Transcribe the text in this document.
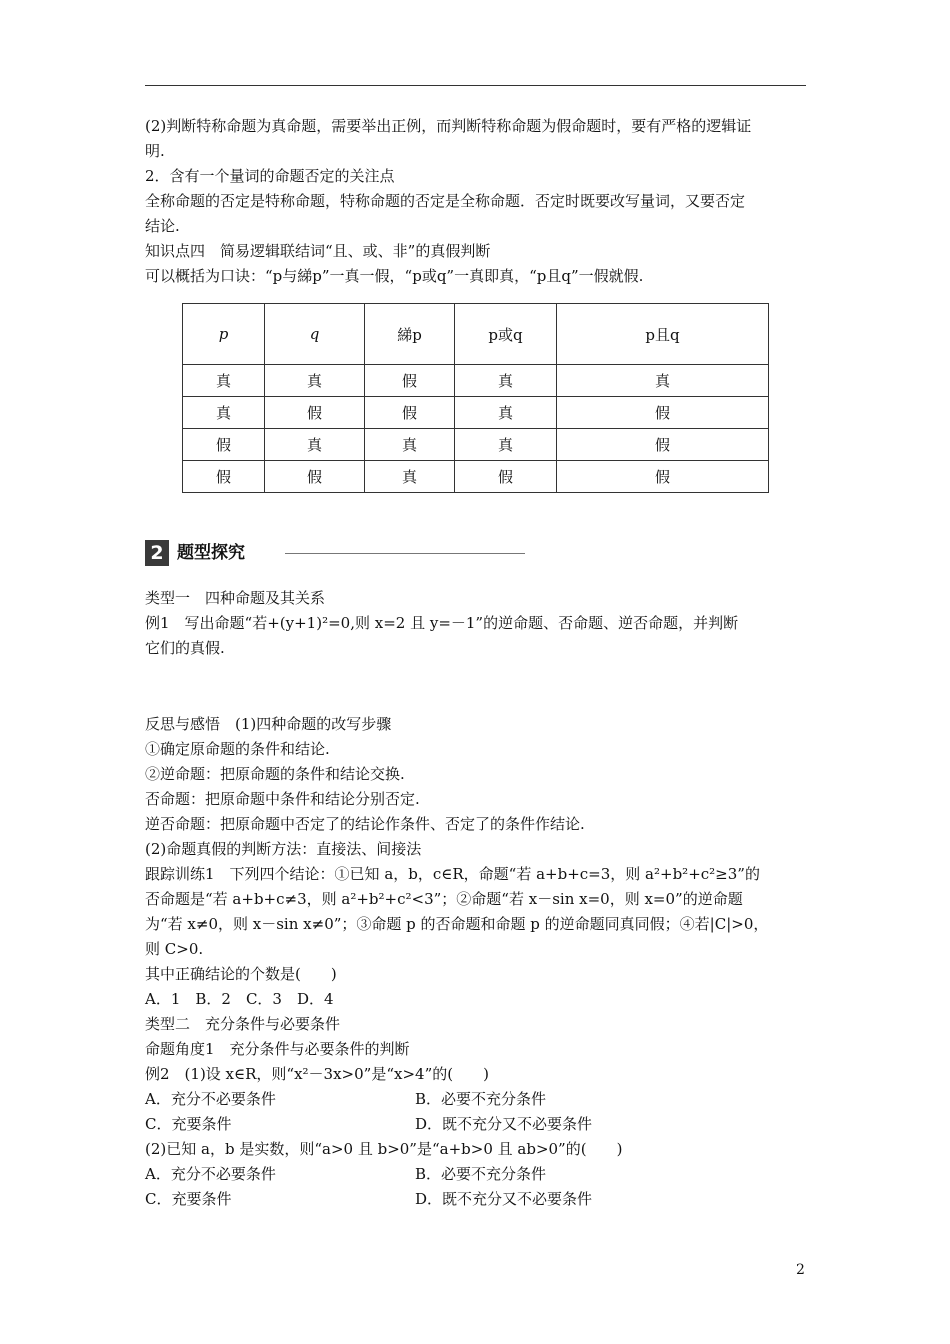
(2)判断特称命题为真命题，需要举出正例，而判断特称命题为假命题时，要有严格的逻辑证

明.

2．含有一个量词的命题否定的关注点

全称命题的否定是特称命题，特称命题的否定是全称命题．否定时既要改写量词，又要否定

结论.

知识点四　简易逻辑联结词“且、或、非”的真假判断

可以概括为口诀：“p与綈p”一真一假，“p或q”一真即真，“p且q”一假就假.

p	q	綈p	p或q	p且q
真	真	假	真	真
真	假	假	真	假
假	真	真	真	假
假	假	真	假	假
2 题型探究

类型一　四种命题及其关系

例1　写出命题“若+(y+1)²=0,则 x=2 且 y=－1”的逆命题、否命题、逆否命题，并判断

它们的真假.

反思与感悟　(1)四种命题的改写步骤

①确定原命题的条件和结论.

②逆命题：把原命题的条件和结论交换.

否命题：把原命题中条件和结论分别否定.

逆否命题：把原命题中否定了的结论作条件、否定了的条件作结论.

(2)命题真假的判断方法：直接法、间接法

跟踪训练1　下列四个结论：①已知 a，b，c∈R，命题“若 a+b+c=3，则 a²+b²+c²≥3”的

否命题是“若 a+b+c≠3，则 a²+b²+c²<3”；②命题“若 x－sin x=0，则 x=0”的逆命题

为“若 x≠0，则 x－sin x≠0”；③命题 p 的否命题和命题 p 的逆命题同真同假；④若|C|>0，

则 C>0.

其中正确结论的个数是(　　)

A．1　B．2　C．3　D．4

类型二　充分条件与必要条件

命题角度1　充分条件与必要条件的判断

例2　(1)设 x∈R，则“x²－3x>0”是“x>4”的(　　)

A．充分不必要条件	B．必要不充分条件

C．充要条件	D．既不充分又不必要条件

(2)已知 a，b 是实数，则“a>0 且 b>0”是“a+b>0 且 ab>0”的(　　)

A．充分不必要条件	B．必要不充分条件

C．充要条件	D．既不充分又不必要条件

2
